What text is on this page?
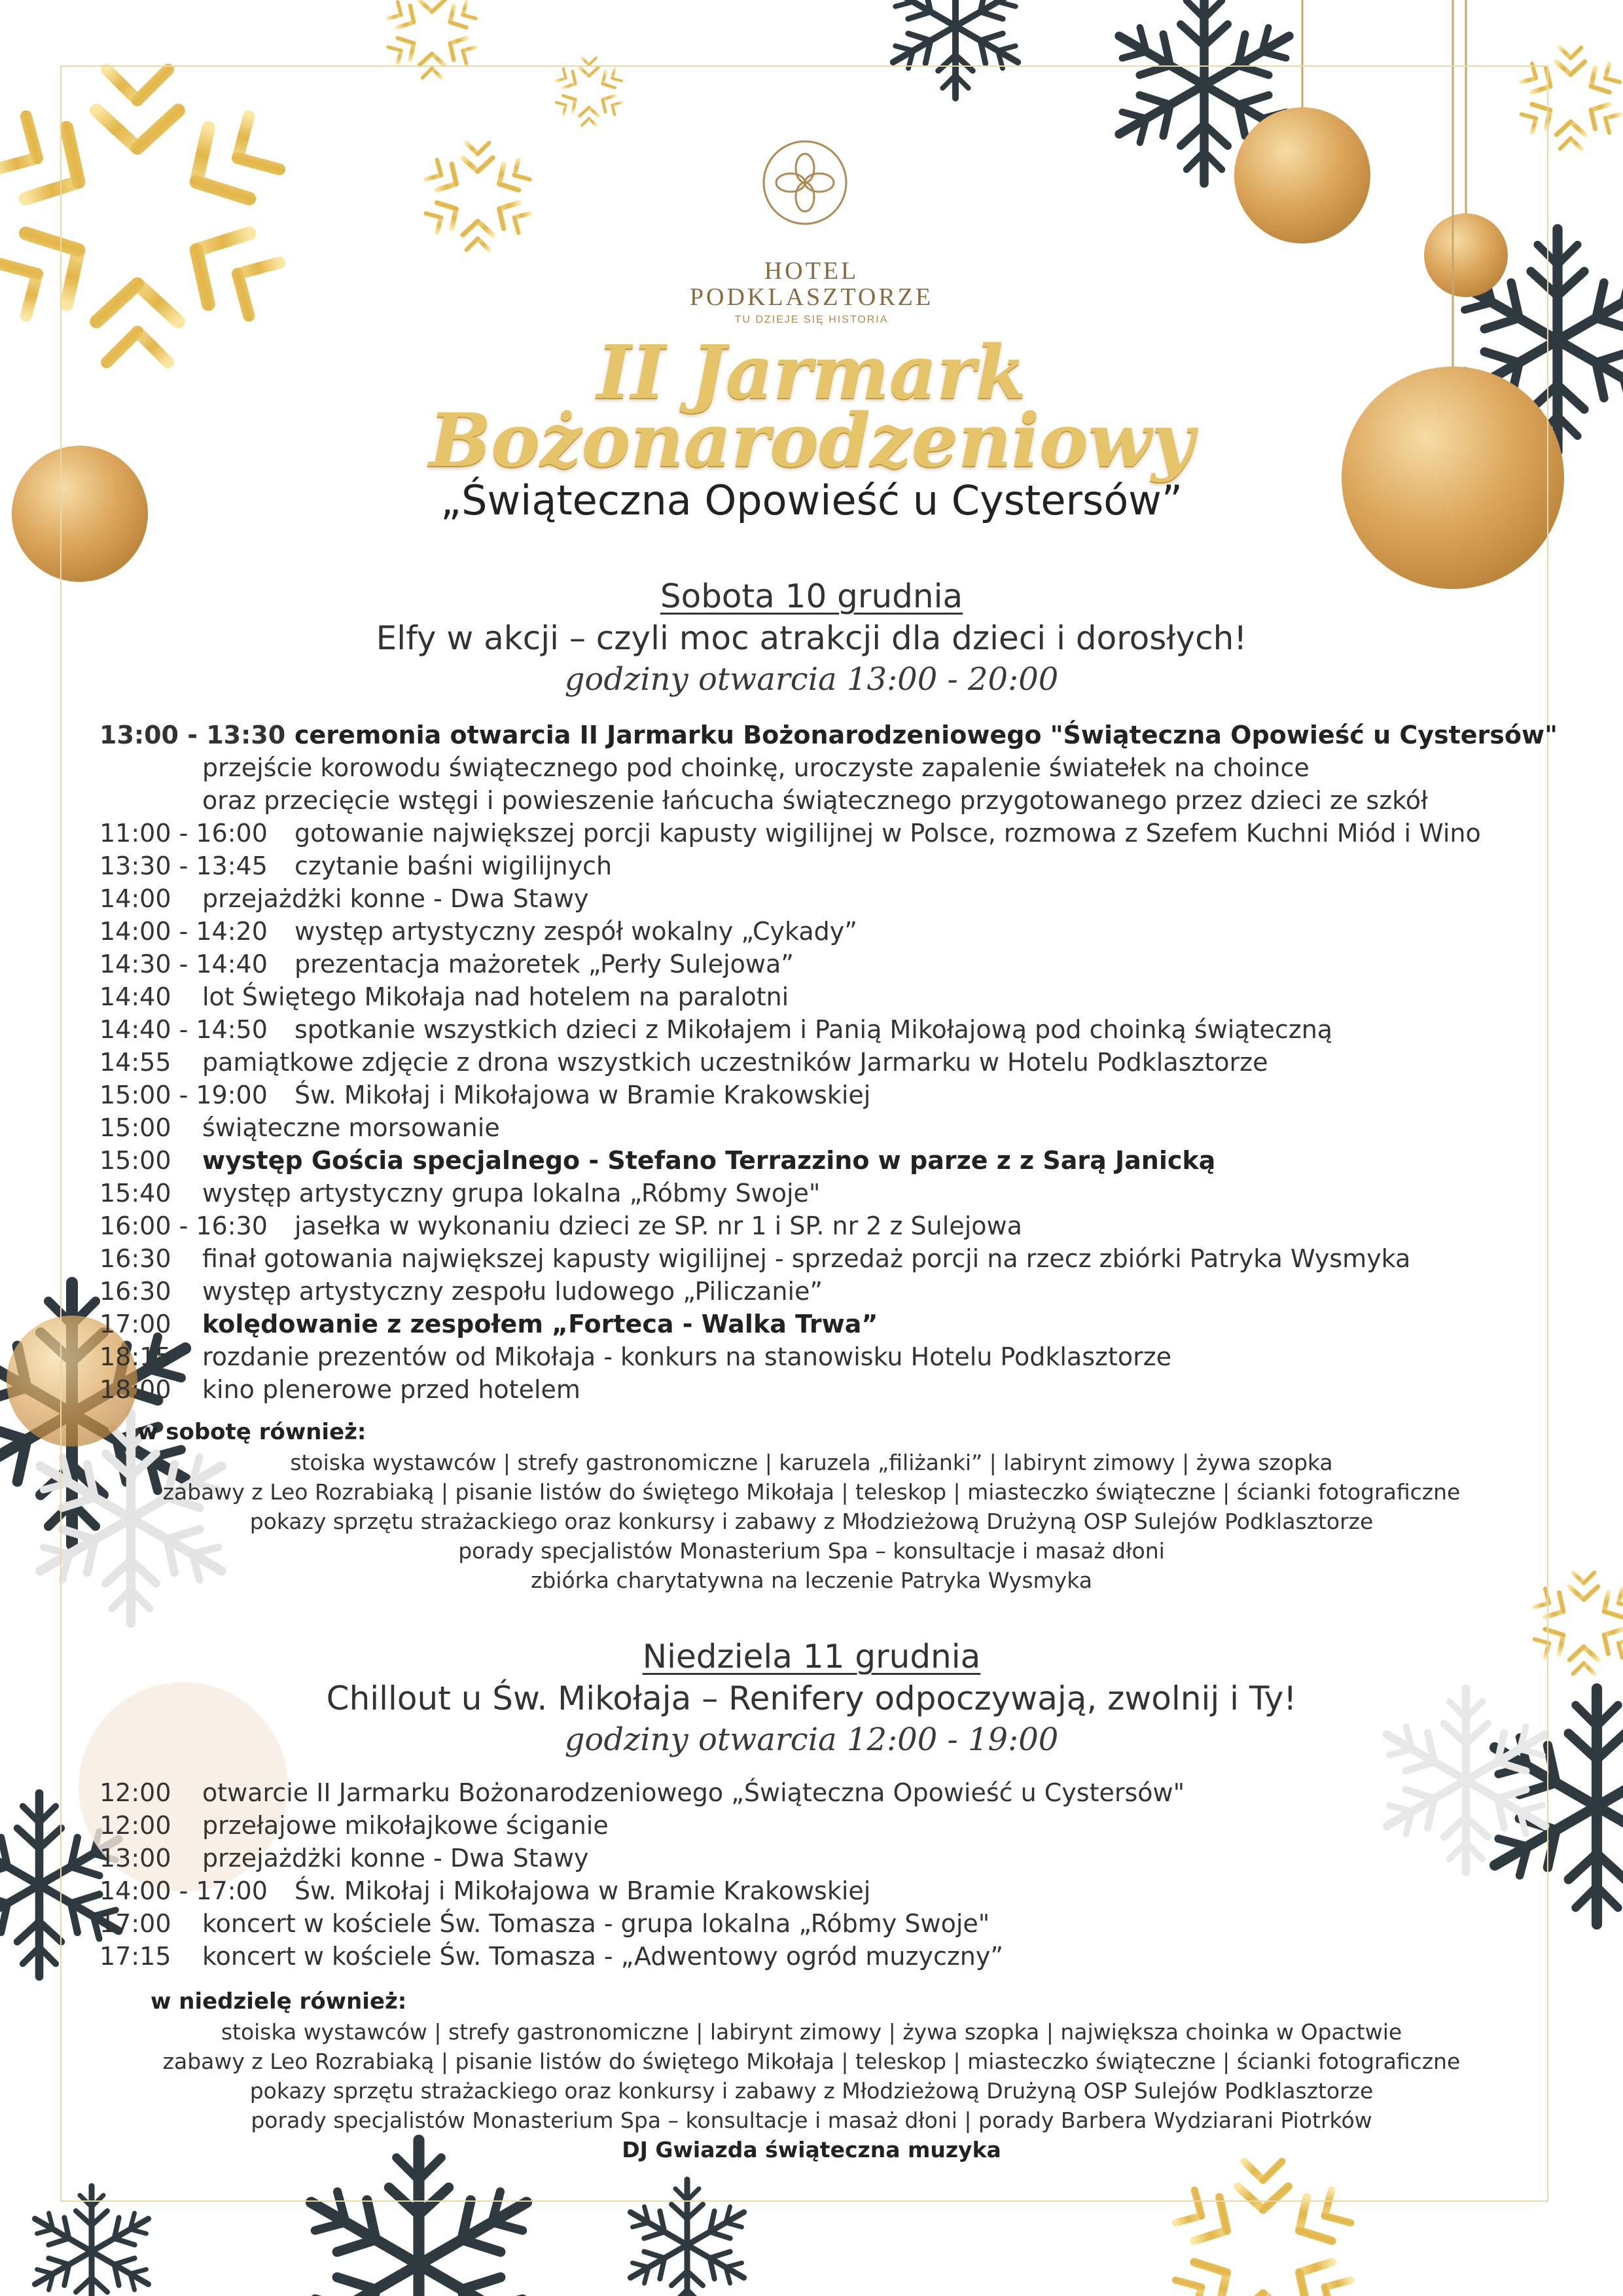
HOTEL
PODKLASZTORZE
TU DZIEJE SIĘ HISTORIA
II Jarmark
Bożonarodzeniowy
„Świąteczna Opowieść u Cystersów”
Sobota 10 grudnia
Elfy w akcji – czyli moc atrakcji dla dzieci i dorosłych!
godziny otwarcia 13:00 - 20:00
13:00 - 13:30 ceremonia otwarcia II Jarmarku Bożonarodzeniowego "Świąteczna Opowieść u Cystersów"
przejście korowodu świątecznego pod choinkę, uroczyste zapalenie światełek na choince
oraz przecięcie wstęgi i powieszenie łańcucha świątecznego przygotowanego przez dzieci ze szkół
11:00 - 16:00	gotowanie największej porcji kapusty wigilijnej w Polsce, rozmowa z Szefem Kuchni Miód i Wino
13:30 - 13:45	czytanie baśni wigilijnych
14:00	przejażdżki konne - Dwa Stawy
14:00 - 14:20	występ artystyczny zespół wokalny „Cykady”
14:30 - 14:40	prezentacja mażoretek „Perły Sulejowa”
14:40	lot Świętego Mikołaja nad hotelem na paralotni
14:40 - 14:50	spotkanie wszystkich dzieci z Mikołajem i Panią Mikołajową pod choinką świąteczną
14:55	pamiątkowe zdjęcie z drona wszystkich uczestników Jarmarku w Hotelu Podklasztorze
15:00 - 19:00	Św. Mikołaj i Mikołajowa w Bramie Krakowskiej
15:00	świąteczne morsowanie
15:00	występ Gościa specjalnego - Stefano Terrazzino w parze z z Sarą Janicką
15:40	występ artystyczny grupa lokalna „Róbmy Swoje"
16:00 - 16:30	jasełka w wykonaniu dzieci ze SP. nr 1 i SP. nr 2 z Sulejowa
16:30	finał gotowania największej kapusty wigilijnej - sprzedaż porcji na rzecz zbiórki Patryka Wysmyka
16:30	występ artystyczny zespołu ludowego „Piliczanie”
17:00	kolędowanie z zespołem „Forteca - Walka Trwa”
18:15	rozdanie prezentów od Mikołaja - konkurs na stanowisku Hotelu Podklasztorze
18:00	kino plenerowe przed hotelem
w sobotę również:
stoiska wystawców | strefy gastronomiczne | karuzela „filiżanki” | labirynt zimowy | żywa szopka
zabawy z Leo Rozrabiaką | pisanie listów do świętego Mikołaja | teleskop | miasteczko świąteczne | ścianki fotograficzne
pokazy sprzętu strażackiego oraz konkursy i zabawy z Młodzieżową Drużyną OSP Sulejów Podklasztorze
porady specjalistów Monasterium Spa – konsultacje i masaż dłoni
zbiórka charytatywna na leczenie Patryka Wysmyka
Niedziela 11 grudnia
Chillout u Św. Mikołaja – Renifery odpoczywają, zwolnij i Ty!
godziny otwarcia 12:00 - 19:00
12:00	otwarcie II Jarmarku Bożonarodzeniowego „Świąteczna Opowieść u Cystersów"
12:00	przełajowe mikołajkowe ściganie
13:00	przejażdżki konne - Dwa Stawy
14:00 - 17:00	Św. Mikołaj i Mikołajowa w Bramie Krakowskiej
17:00	koncert w kościele Św. Tomasza - grupa lokalna „Róbmy Swoje"
17:15	koncert w kościele Św. Tomasza - „Adwentowy ogród muzyczny”
w niedzielę również:
stoiska wystawców | strefy gastronomiczne | labirynt zimowy | żywa szopka | największa choinka w Opactwie
zabawy z Leo Rozrabiaką | pisanie listów do świętego Mikołaja | teleskop | miasteczko świąteczne | ścianki fotograficzne
pokazy sprzętu strażackiego oraz konkursy i zabawy z Młodzieżową Drużyną OSP Sulejów Podklasztorze
porady specjalistów Monasterium Spa – konsultacje i masaż dłoni | porady Barbera Wydziarani Piotrków
DJ Gwiazda świąteczna muzyka
